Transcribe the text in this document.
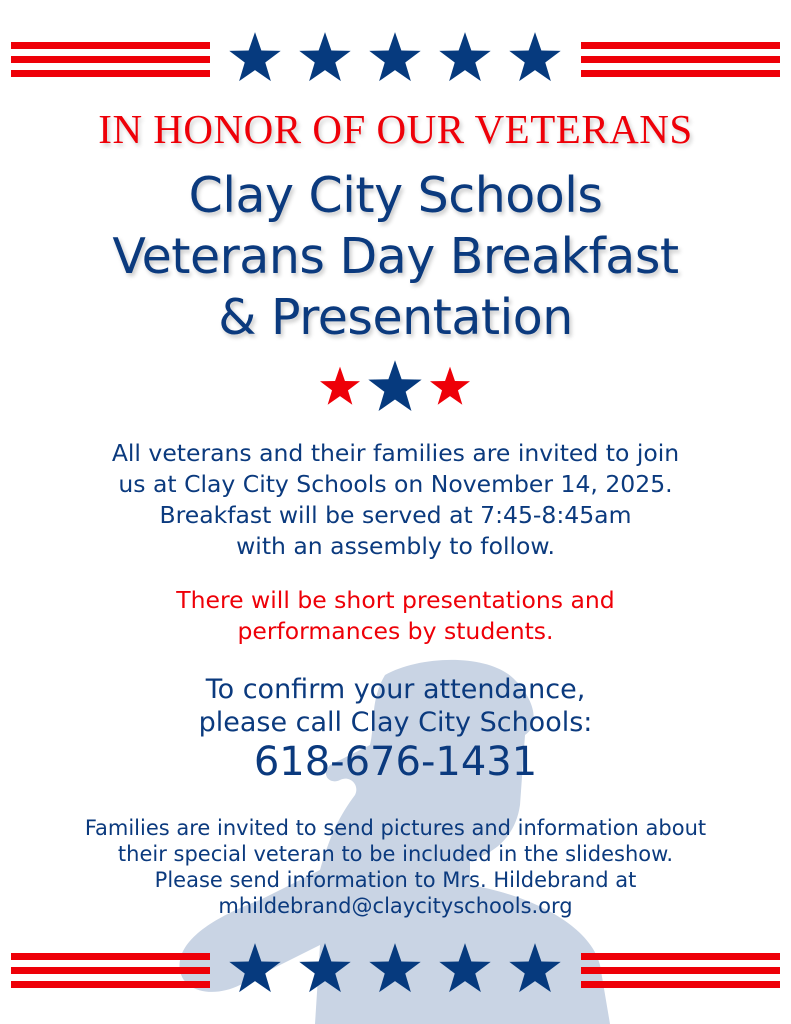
IN HONOR OF OUR VETERANS
Clay City Schools
Veterans Day Breakfast
& Presentation
All veterans and their families are invited to join
us at Clay City Schools on November 14, 2025.
Breakfast will be served at 7:45-8:45am
with an assembly to follow.
There will be short presentations and
performances by students.
To confirm your attendance,
please call Clay City Schools:
618-676-1431
Families are invited to send pictures and information about
their special veteran to be included in the slideshow.
Please send information to Mrs. Hildebrand at
mhildebrand@claycityschools.org
